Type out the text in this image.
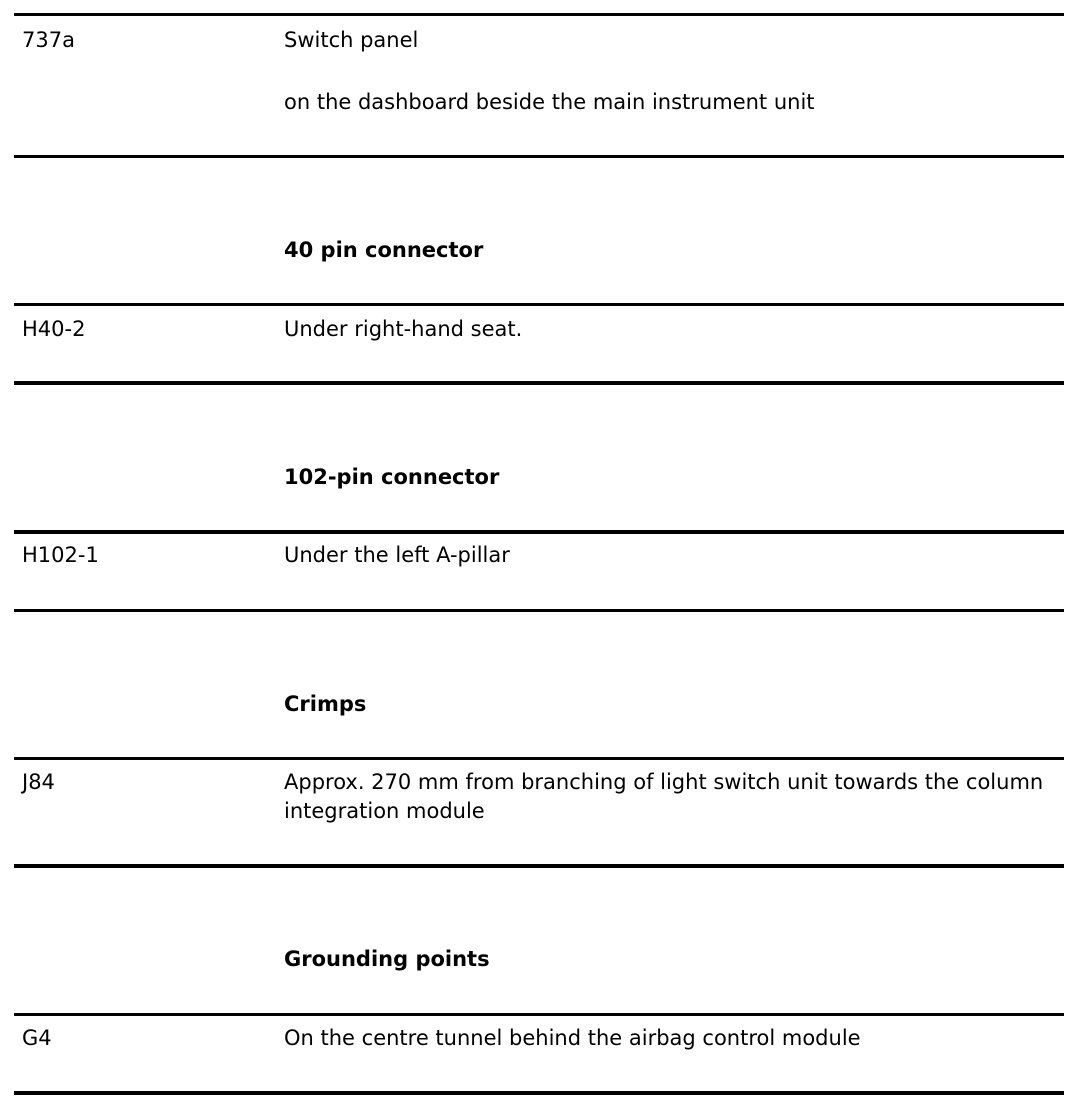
737a	Switch panel
on the dashboard beside the main instrument unit
40 pin connector
H40-2	Under right-hand seat.
102-pin connector
H102-1	Under the left A-pillar
Crimps
J84	Approx. 270 mm from branching of light switch unit towards the column integration module
Grounding points
G4	On the centre tunnel behind the airbag control module
